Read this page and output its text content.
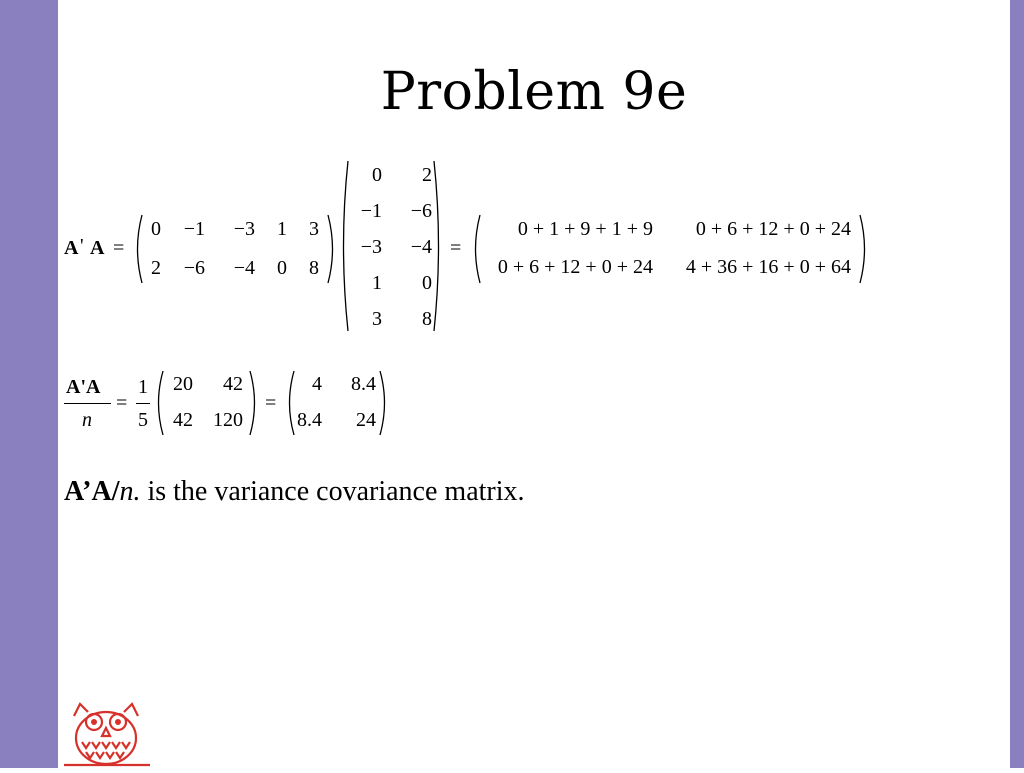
Problem 9e
A ' A =
0	−1	−3	1	3
2	−6	−4	0	8
0	2
−1	−6
−3	−4
1	0
3	8
=
0 + 1 + 9 + 1 + 9	0 + 6 + 12 + 0 + 24
0 + 6 + 12 + 0 + 24	4 + 36 + 16 + 0 + 64
A'A
n
=
1
5
20	42
42	120
=
4	8.4
8.4	24
A’A/n. is the variance covariance matrix.
